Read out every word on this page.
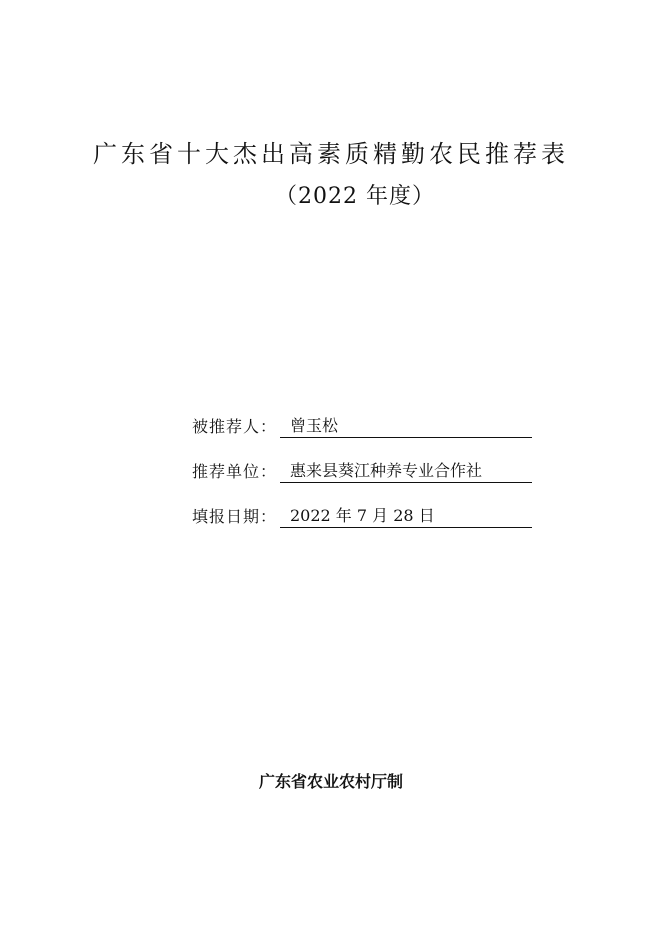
广东省十大杰出高素质精勤农民推荐表
（2022 年度）
被推荐人： 曾玉松
推荐单位： 惠来县葵江种养专业合作社
填报日期： 2022 年 7 月 28 日
广东省农业农村厅制
